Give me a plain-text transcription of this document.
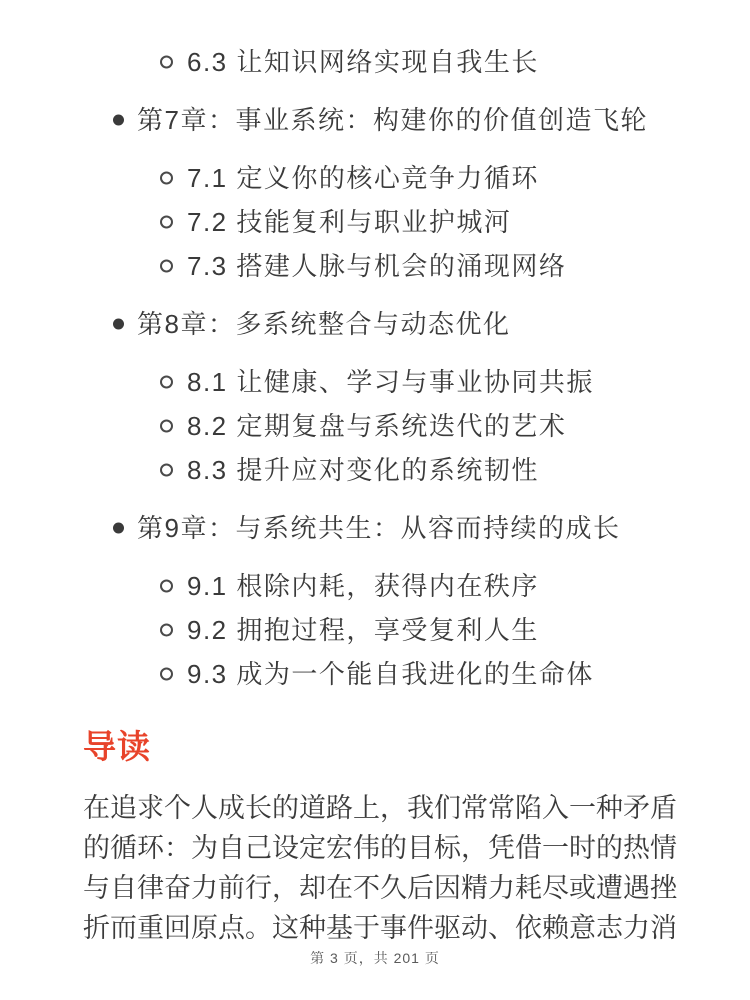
6.3 让知识网络实现自我生长
第7章：事业系统：构建你的价值创造飞轮
7.1 定义你的核心竞争力循环
7.2 技能复利与职业护城河
7.3 搭建人脉与机会的涌现网络
第8章：多系统整合与动态优化
8.1 让健康、学习与事业协同共振
8.2 定期复盘与系统迭代的艺术
8.3 提升应对变化的系统韧性
第9章：与系统共生：从容而持续的成长
9.1 根除内耗，获得内在秩序
9.2 拥抱过程，享受复利人生
9.3 成为一个能自我进化的生命体
导读

在追求个人成长的道路上，我们常常陷入一种矛盾的循环：为自己设定宏伟的目标，凭借一时的热情与自律奋力前行，却在不久后因精力耗尽或遭遇挫折而重回原点。这种基于事件驱动、依赖意志力消

第 3 页，共 201 页
